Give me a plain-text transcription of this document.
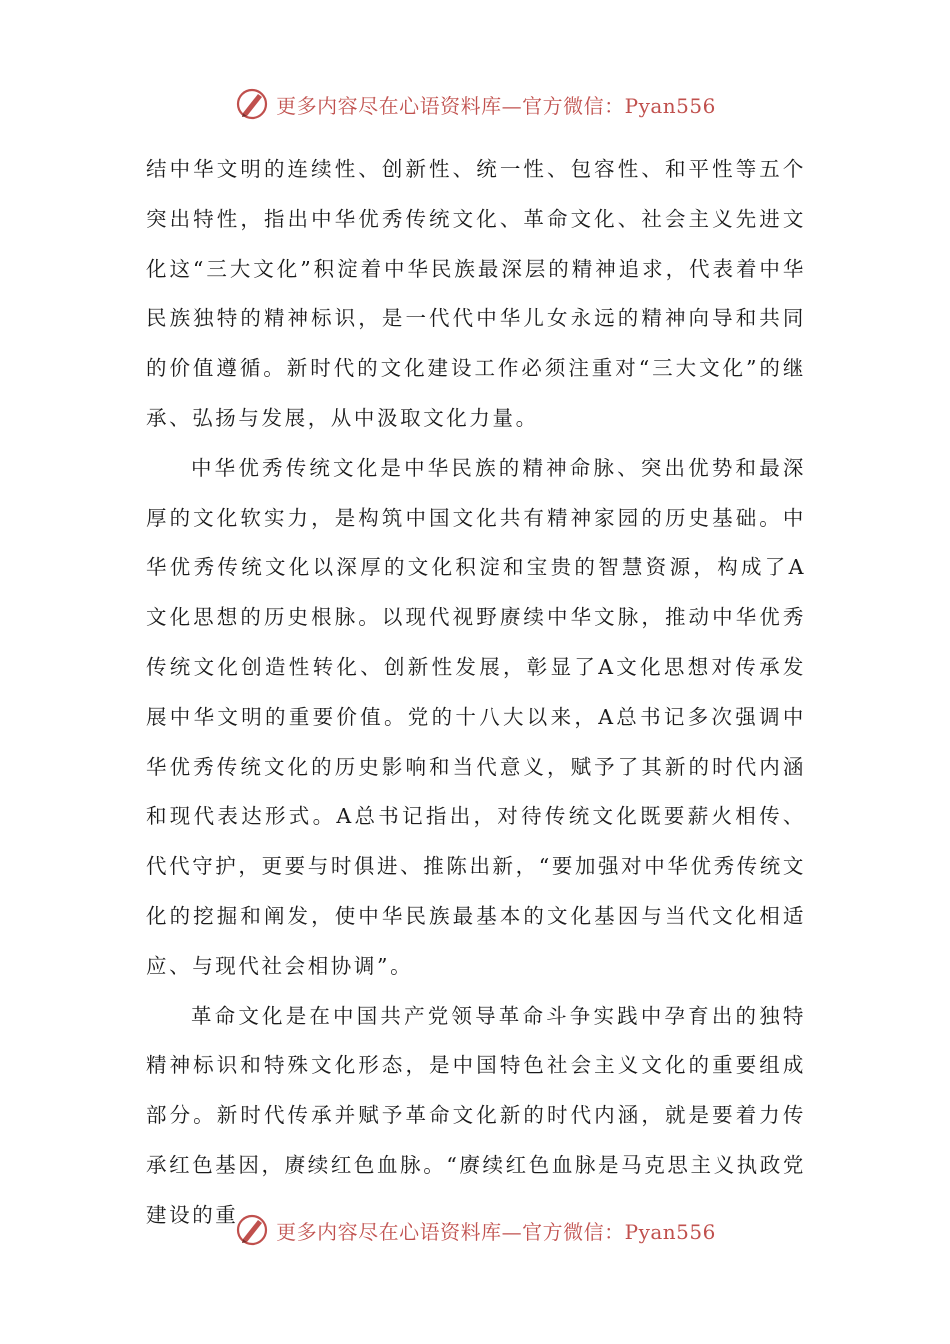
更多内容尽在心语资料库—官方微信：Pyan556

结中华文明的连续性、创新性、统一性、包容性、和平性等五个突出特性，指出中华优秀传统文化、革命文化、社会主义先进文化这“三大文化”积淀着中华民族最深层的精神追求，代表着中华民族独特的精神标识，是一代代中华儿女永远的精神向导和共同的价值遵循。新时代的文化建设工作必须注重对“三大文化”的继承、弘扬与发展，从中汲取文化力量。

中华优秀传统文化是中华民族的精神命脉、突出优势和最深厚的文化软实力，是构筑中国文化共有精神家园的历史基础。中华优秀传统文化以深厚的文化积淀和宝贵的智慧资源，构成了A文化思想的历史根脉。以现代视野赓续中华文脉，推动中华优秀传统文化创造性转化、创新性发展，彰显了A文化思想对传承发展中华文明的重要价值。党的十八大以来，A总书记多次强调中华优秀传统文化的历史影响和当代意义，赋予了其新的时代内涵和现代表达形式。A总书记指出，对待传统文化既要薪火相传、代代守护，更要与时俱进、推陈出新，“要加强对中华优秀传统文化的挖掘和阐发，使中华民族最基本的文化基因与当代文化相适应、与现代社会相协调”。

革命文化是在中国共产党领导革命斗争实践中孕育出的独特精神标识和特殊文化形态，是中国特色社会主义文化的重要组成部分。新时代传承并赋予革命文化新的时代内涵，就是要着力传承红色基因，赓续红色血脉。“赓续红色血脉是马克思主义执政党建设的重

更多内容尽在心语资料库—官方微信：Pyan556
